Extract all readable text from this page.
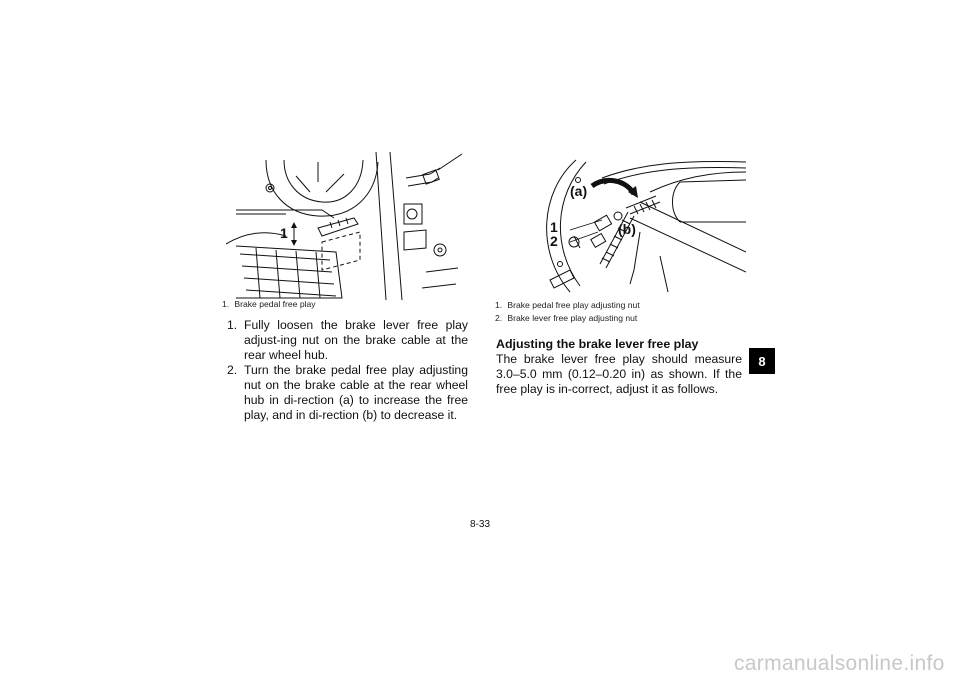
1
1. Brake pedal free play
1. Fully loosen the brake lever free play adjust-ing nut on the brake cable at the rear wheel hub.
2. Turn the brake pedal free play adjusting nut on the brake cable at the rear wheel hub in di-rection (a) to increase the free play, and in di-rection (b) to decrease it.
(a)
(b)
1
2
1. Brake pedal free play adjusting nut
2. Brake lever free play adjusting nut
Adjusting the brake lever free play
The brake lever free play should measure 3.0–5.0 mm (0.12–0.20 in) as shown. If the free play is in-correct, adjust it as follows.
8
8-33
carmanualsonline.info
